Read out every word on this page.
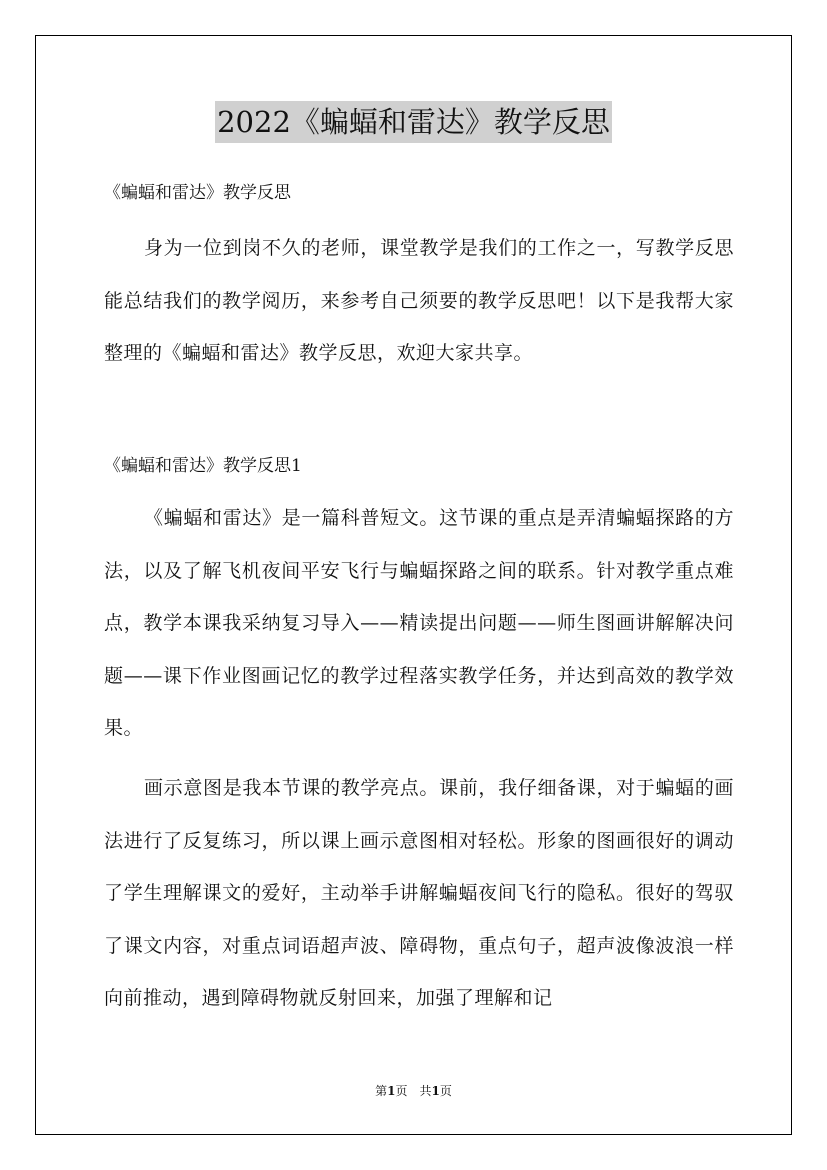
2022《蝙蝠和雷达》教学反思
《蝙蝠和雷达》教学反思
身为一位到岗不久的老师，课堂教学是我们的工作之一，写教学反思能总结我们的教学阅历，来参考自己须要的教学反思吧！以下是我帮大家整理的《蝙蝠和雷达》教学反思，欢迎大家共享。
《蝙蝠和雷达》教学反思1
《蝙蝠和雷达》是一篇科普短文。这节课的重点是弄清蝙蝠探路的方法，以及了解飞机夜间平安飞行与蝙蝠探路之间的联系。针对教学重点难点，教学本课我采纳复习导入——精读提出问题——师生图画讲解解决问题——课下作业图画记忆的教学过程落实教学任务，并达到高效的教学效果。
画示意图是我本节课的教学亮点。课前，我仔细备课，对于蝙蝠的画法进行了反复练习，所以课上画示意图相对轻松。形象的图画很好的调动了学生理解课文的爱好，主动举手讲解蝙蝠夜间飞行的隐私。很好的驾驭了课文内容，对重点词语超声波、障碍物，重点句子，超声波像波浪一样向前推动，遇到障碍物就反射回来，加强了理解和记
第1页　共1页
